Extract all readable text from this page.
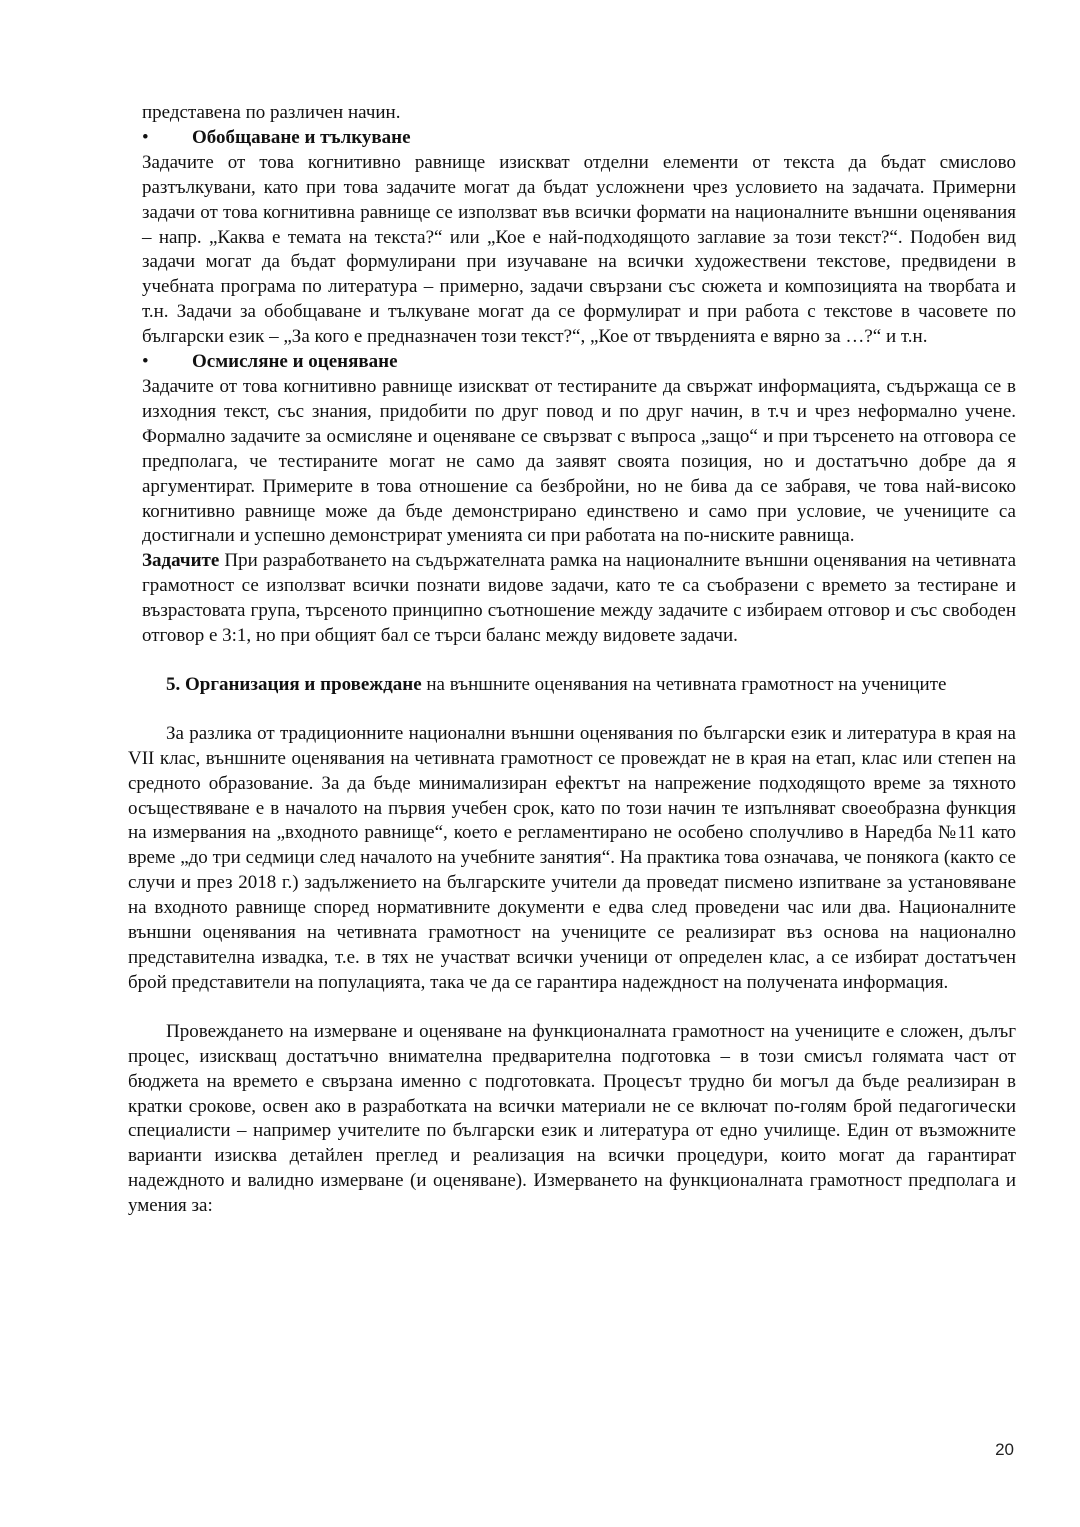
представена по различен начин.

•	Обобщаване и тълкуване

Задачите от това когнитивно равнище изискват отделни елементи от текста да бъдат смислово разтълкувани, като при това задачите могат да бъдат усложнени чрез условието на задачата. Примерни задачи от това когнитивна равнище се използват във всички формати на националните външни оценявания – напр. „Каква е темата на текста?“ или „Кое е най-подходящото заглавие за този текст?“. Подобен вид задачи могат да бъдат формулирани при изучаване на всички художествени текстове, предвидени в учебната програма по литература – примерно, задачи свързани със сюжета и композицията на творбата и т.н. Задачи за обобщаване и тълкуване могат да се формулират и при работа с текстове в часовете по български език – „За кого е предназначен този текст?“, „Кое от твърденията е вярно за …?“ и т.н.

•	Осмисляне и оценяване

Задачите от това когнитивно равнище изискват от тестираните да свържат информацията, съдържаща се в изходния текст, със знания, придобити по друг повод и по друг начин, в т.ч и чрез неформално учене. Формално задачите за осмисляне и оценяване се свързват с въпроса „защо“ и при търсенето на отговора се предполага, че тестираните могат не само да заявят своята позиция, но и достатъчно добре да я аргументират. Примерите в това отношение са безбройни, но не бива да се забравя, че това най-високо когнитивно равнище може да бъде демонстрирано единствено и само при условие, че учениците са достигнали и успешно демонстрират уменията си при работата на по-ниските равнища.

Задачите При разработването на съдържателната рамка на националните външни оценявания на четивната грамотност се използват всички познати видове задачи, като те са съобразени с времето за тестиране и възрастовата група, търсеното принципно съотношение между задачите с избираем отговор и със свободен отговор е 3:1, но при общият бал се търси баланс между видовете задачи.

5. Организация и провеждане на външните оценявания на четивната грамотност на учениците

За разлика от традиционните национални външни оценявания по български език и литература в края на VII клас, външните оценявания на четивната грамотност се провеждат не в края на етап, клас или степен на средното образование. За да бъде минимализиран ефектът на напрежение подходящото време за тяхното осъществяване е в началото на първия учебен срок, като по този начин те изпълняват своеобразна функция на измервания на „входното равнище“, което е регламентирано не особено сполучливо в Наредба №11 като време „до три седмици след началото на учебните занятия“. На практика това означава, че понякога (както се случи и през 2018 г.) задължението на българските учители да проведат писмено изпитване за установяване на входното равнище според нормативните документи е едва след проведени час или два. Националните външни оценявания на четивната грамотност на учениците се реализират въз основа на национално представителна извадка, т.е. в тях не участват всички ученици от определен клас, а се избират достатъчен брой представители на популацията, така че да се гарантира надеждност на получената информация.

Провеждането на измерване и оценяване на функционалната грамотност на учениците е сложен, дълъг процес, изискващ достатъчно внимателна предварителна подготовка – в този смисъл голямата част от бюджета на времето е свързана именно с подготовката. Процесът трудно би могъл да бъде реализиран в кратки срокове, освен ако в разработката на всички материали не се включат по-голям брой педагогически специалисти – например учителите по български език и литература от едно училище. Един от възможните варианти изисква детайлен преглед и реализация на всички процедури, които могат да гарантират надеждното и валидно измерване (и оценяване). Измерването на функционалната грамотност предполага и умения за:

20
